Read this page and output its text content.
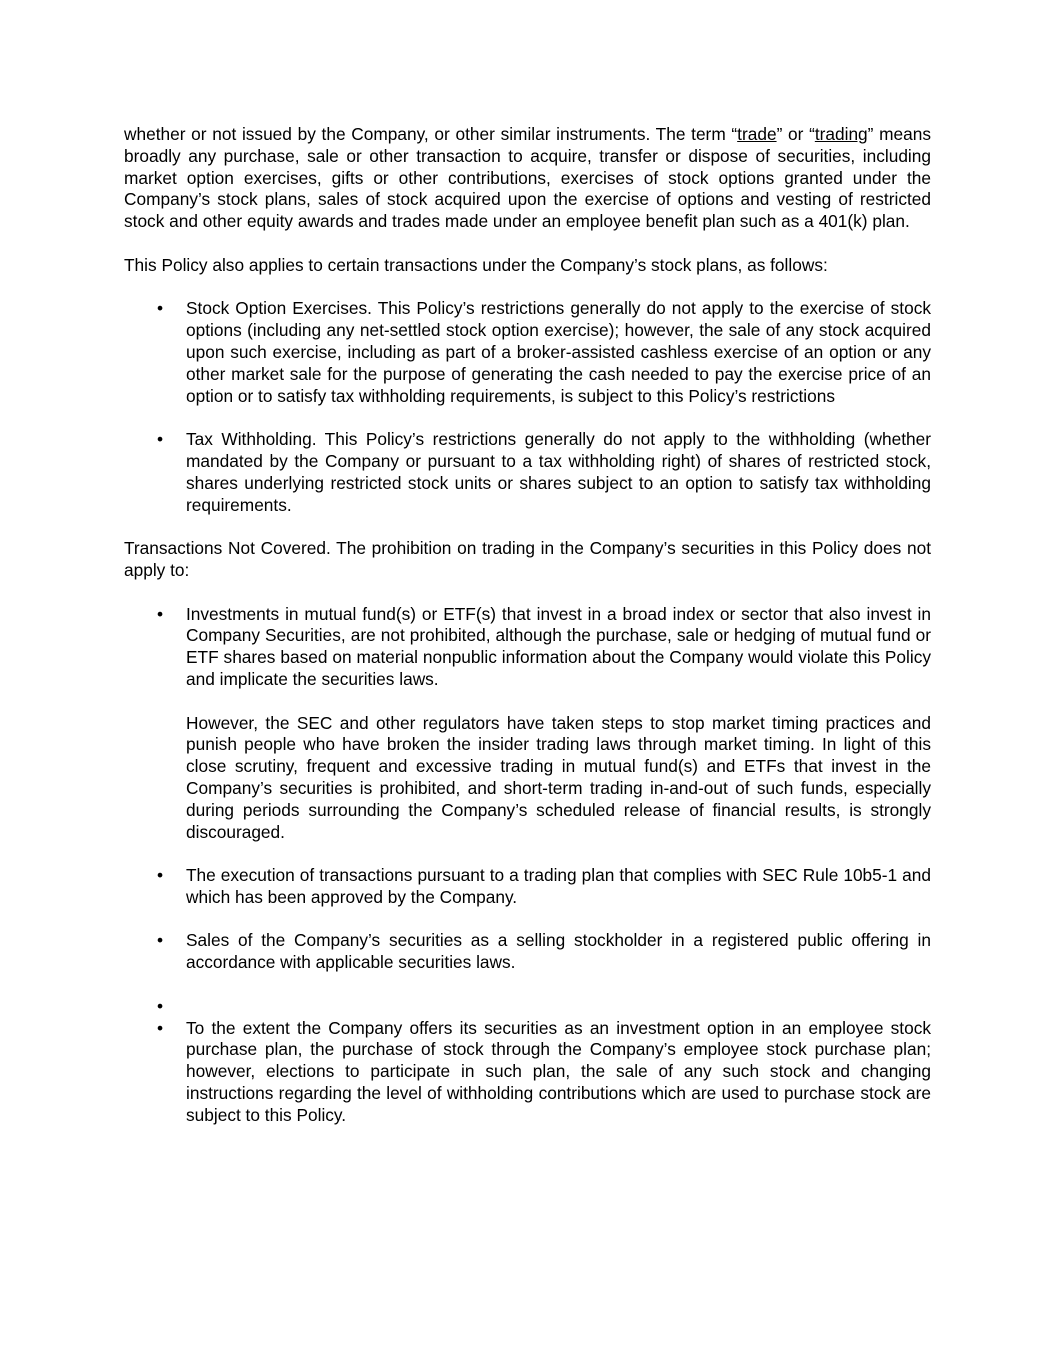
whether or not issued by the Company, or other similar instruments. The term “trade” or “trading” means broadly any purchase, sale or other transaction to acquire, transfer or dispose of securities, including market option exercises, gifts or other contributions, exercises of stock options granted under the Company’s stock plans, sales of stock acquired upon the exercise of options and vesting of restricted stock and other equity awards and trades made under an employee benefit plan such as a 401(k) plan.

This Policy also applies to certain transactions under the Company’s stock plans, as follows:

• Stock Option Exercises. This Policy’s restrictions generally do not apply to the exercise of stock options (including any net-settled stock option exercise); however, the sale of any stock acquired upon such exercise, including as part of a broker-assisted cashless exercise of an option or any other market sale for the purpose of generating the cash needed to pay the exercise price of an option or to satisfy tax withholding requirements, is subject to this Policy’s restrictions
• Tax Withholding. This Policy’s restrictions generally do not apply to the withholding (whether mandated by the Company or pursuant to a tax withholding right) of shares of restricted stock, shares underlying restricted stock units or shares subject to an option to satisfy tax withholding requirements.

Transactions Not Covered. The prohibition on trading in the Company’s securities in this Policy does not apply to:

• Investments in mutual fund(s) or ETF(s) that invest in a broad index or sector that also invest in Company Securities, are not prohibited, although the purchase, sale or hedging of mutual fund or ETF shares based on material nonpublic information about the Company would violate this Policy and implicate the securities laws.
However, the SEC and other regulators have taken steps to stop market timing practices and punish people who have broken the insider trading laws through market timing. In light of this close scrutiny, frequent and excessive trading in mutual fund(s) and ETFs that invest in the Company’s securities is prohibited, and short-term trading in-and-out of such funds, especially during periods surrounding the Company’s scheduled release of financial results, is strongly discouraged.
• The execution of transactions pursuant to a trading plan that complies with SEC Rule 10b5-1 and which has been approved by the Company.
• Sales of the Company’s securities as a selling stockholder in a registered public offering in accordance with applicable securities laws.
•
• To the extent the Company offers its securities as an investment option in an employee stock purchase plan, the purchase of stock through the Company’s employee stock purchase plan; however, elections to participate in such plan, the sale of any such stock and changing instructions regarding the level of withholding contributions which are used to purchase stock are subject to this Policy.
